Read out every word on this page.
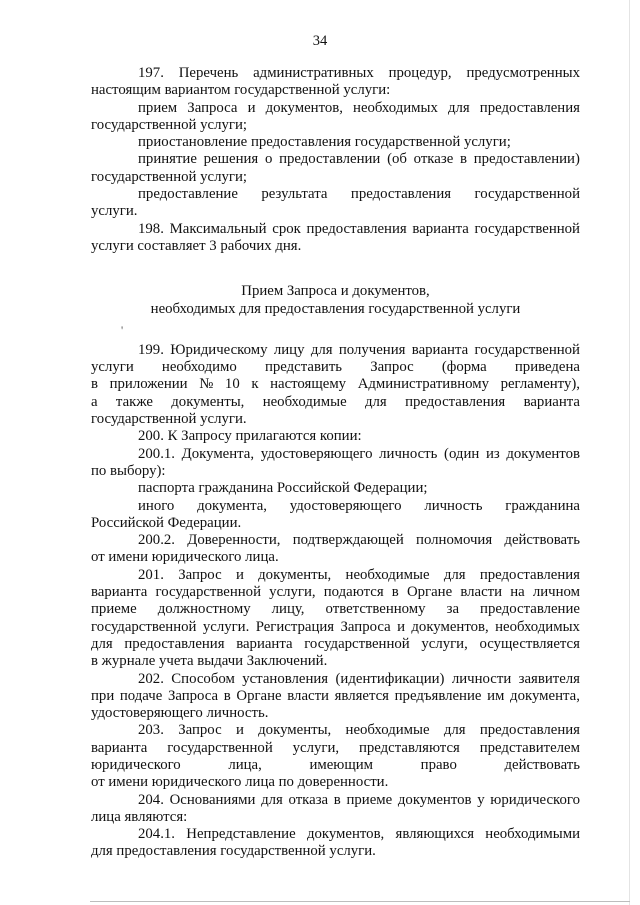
34
'
197. Перечень административных процедур, предусмотренных
настоящим вариантом государственной услуги:
прием Запроса и документов, необходимых для предоставления
государственной услуги;
приостановление предоставления государственной услуги;
принятие решения о предоставлении (об отказе в предоставлении)
государственной услуги;
предоставление результата предоставления государственной
услуги.
198. Максимальный срок предоставления варианта государственной
услуги составляет 3 рабочих дня.
Прием Запроса и документов,
необходимых для предоставления государственной услуги
199. Юридическому лицу для получения варианта государственной
услуги необходимо представить Запрос (форма приведена
в приложении № 10 к настоящему Административному регламенту),
а также документы, необходимые для предоставления варианта
государственной услуги.
200. К Запросу прилагаются копии:
200.1. Документа, удостоверяющего личность (один из документов
по выбору):
паспорта гражданина Российской Федерации;
иного документа, удостоверяющего личность гражданина
Российской Федерации.
200.2. Доверенности, подтверждающей полномочия действовать
от имени юридического лица.
201. Запрос и документы, необходимые для предоставления
варианта государственной услуги, подаются в Органе власти на личном
приеме должностному лицу, ответственному за предоставление
государственной услуги. Регистрация Запроса и документов, необходимых
для предоставления варианта государственной услуги, осуществляется
в журнале учета выдачи Заключений.
202. Способом установления (идентификации) личности заявителя
при подаче Запроса в Органе власти является предъявление им документа,
удостоверяющего личность.
203. Запрос и документы, необходимые для предоставления
варианта государственной услуги, представляются представителем
юридического	лица,	имеющим	право	действовать
от имени юридического лица по доверенности.
204. Основаниями для отказа в приеме документов у юридического
лица являются:
204.1. Непредставление документов, являющихся необходимыми
для предоставления государственной услуги.
